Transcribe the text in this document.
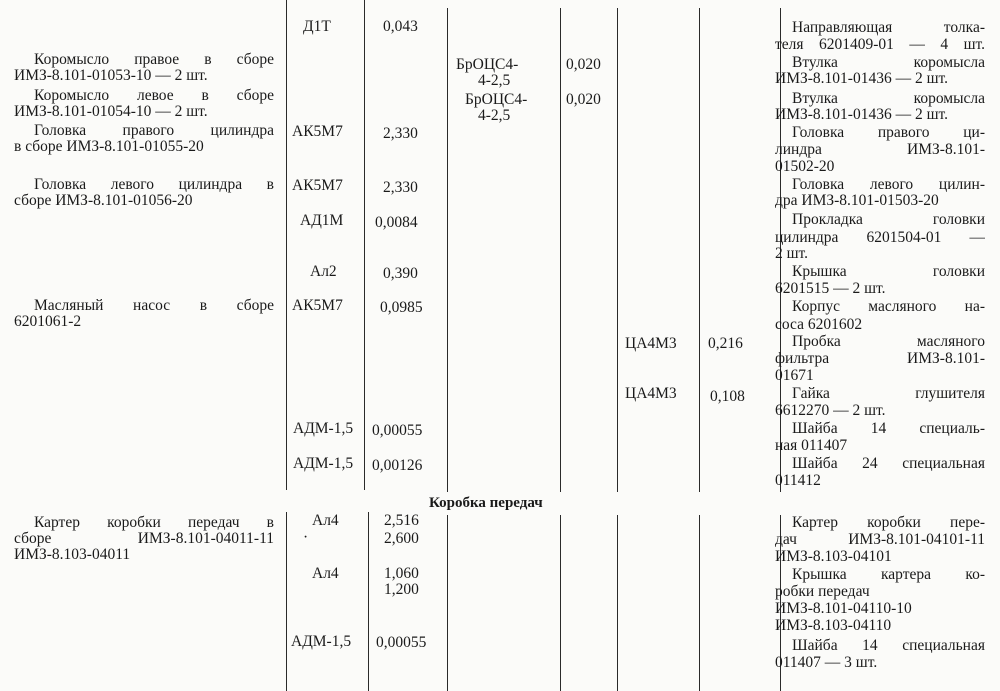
Коромысло правое в сборе
ИМЗ-8.101-01053-10 — 2 шт.
Коромысло левое в сборе
ИМЗ-8.101-01054-10 — 2 шт.
Головка правого цилиндра
в сборе ИМЗ-8.101-01055-20
Головка левого цилиндра в
сборе ИМЗ-8.101-01056-20
Масляный насос в сборе
6201061-2
Картер коробки передач в
сборе ИМЗ-8.101-04011-11
ИМЗ-8.103-04011
Д1Т
АК5М7
АК5М7
АД1М
Ал2
АК5М7
АДМ-1,5
АДМ-1,5
Ал4
·
Ал4
АДМ-1,5
0,043
2,330
2,330
0,0084
0,390
0,0985
0,00055
0,00126
2,516
2,600
1,060
1,200
0,00055
БрОЦС4-
4-2,5
БрОЦС4-
4-2,5
0,020
0,020
ЦА4М3
ЦА4М3
0,216
0,108
Коробка передач
Направляющая толка-
теля 6201409-01 — 4 шт.
Втулка коромысла
ИМЗ-8.101-01436 — 2 шт.
Втулка коромысла
ИМЗ-8.101-01436 — 2 шт.
Головка правого ци-
линдра ИМЗ-8.101-
01502-20
Головка левого цилин-
дра ИМЗ-8.101-01503-20
Прокладка головки
цилиндра 6201504-01 —
2 шт.
Крышка головки
6201515 — 2 шт.
Корпус масляного на-
соса 6201602
Пробка масляного
фильтра ИМЗ-8.101-
01671
Гайка глушителя
6612270 — 2 шт.
Шайба 14 специаль-
ная 011407
Шайба 24 специальная
011412
Картер коробки пере-
дач ИМЗ-8.101-04101-11
ИМЗ-8.103-04101
Крышка картера ко-
робки передач
ИМЗ-8.101-04110-10
ИМЗ-8.103-04110
Шайба 14 специальная
011407 — 3 шт.
